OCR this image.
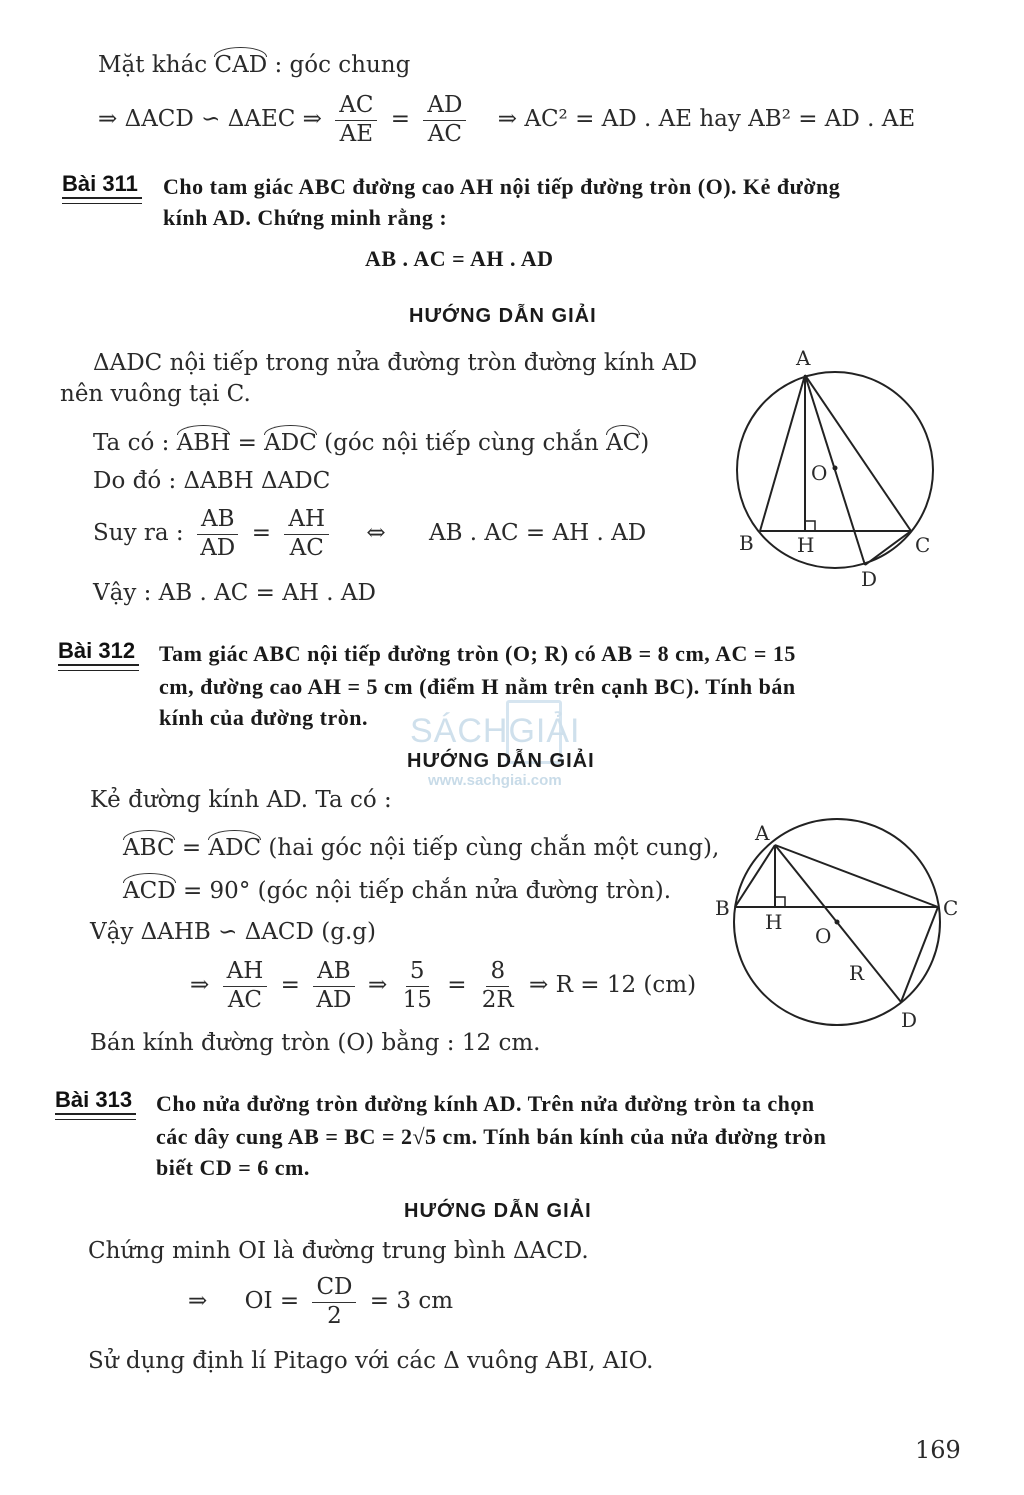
Mặt khác CAD : góc chung
⇒ ΔACD ∽ ΔAEC ⇒ $\frac{AC}{AE} = \frac{AD}{AC}$ ⇒ AC² = AD . AE hay AB² = AD . AE
Bài 311 Cho tam giác ABC đường cao AH nội tiếp đường tròn (O). Kẻ đường
kính AD. Chứng minh rằng :
AB . AC = AH . AD
HƯỚNG DẪN GIẢI
ΔADC nội tiếp trong nửa đường tròn đường kính AD
nên vuông tại C.
Ta có : ABH = ADC (góc nội tiếp cùng chắn AC)
Do đó : ΔABH ΔADC
Suy ra : $\frac{AB}{AD} = \frac{AH}{AC}$ ⇔ AB . AC = AH . AD
Vậy : AB . AC = AH . AD
A
B	C
H
O
D
Bài 312 Tam giác ABC nội tiếp đường tròn (O; R) có AB = 8 cm, AC = 15
cm, đường cao AH = 5 cm (điểm H nằm trên cạnh BC). Tính bán
kính của đường tròn. SÁCHGIẢI
www.sachgiai.com
HƯỚNG DẪN GIẢI
Kẻ đường kính AD. Ta có :
ABC = ADC (hai góc nội tiếp cùng chắn một cung),
ACD = 90° (góc nội tiếp chắn nửa đường tròn).
Vậy ΔAHB ∽ ΔACD (g.g)
⇒ $\frac{AH}{AC} = \frac{AB}{AD}$ ⇒ $\frac{5}{15} = \frac{8}{2R}$ ⇒ R = 12 (cm)
Bán kính đường tròn (O) bằng : 12 cm.
A
B	C
H
O
R
D
Bài 313 Cho nửa đường tròn đường kính AD. Trên nửa đường tròn ta chọn
các dây cung AB = BC = 2√5 cm. Tính bán kính của nửa đường tròn
biết CD = 6 cm.
HƯỚNG DẪN GIẢI
Chứng minh OI là đường trung bình ΔACD.
⇒ OI = $\frac{CD}{2} = 3$ cm
Sử dụng định lí Pitago với các Δ vuông ABI, AIO.
169
